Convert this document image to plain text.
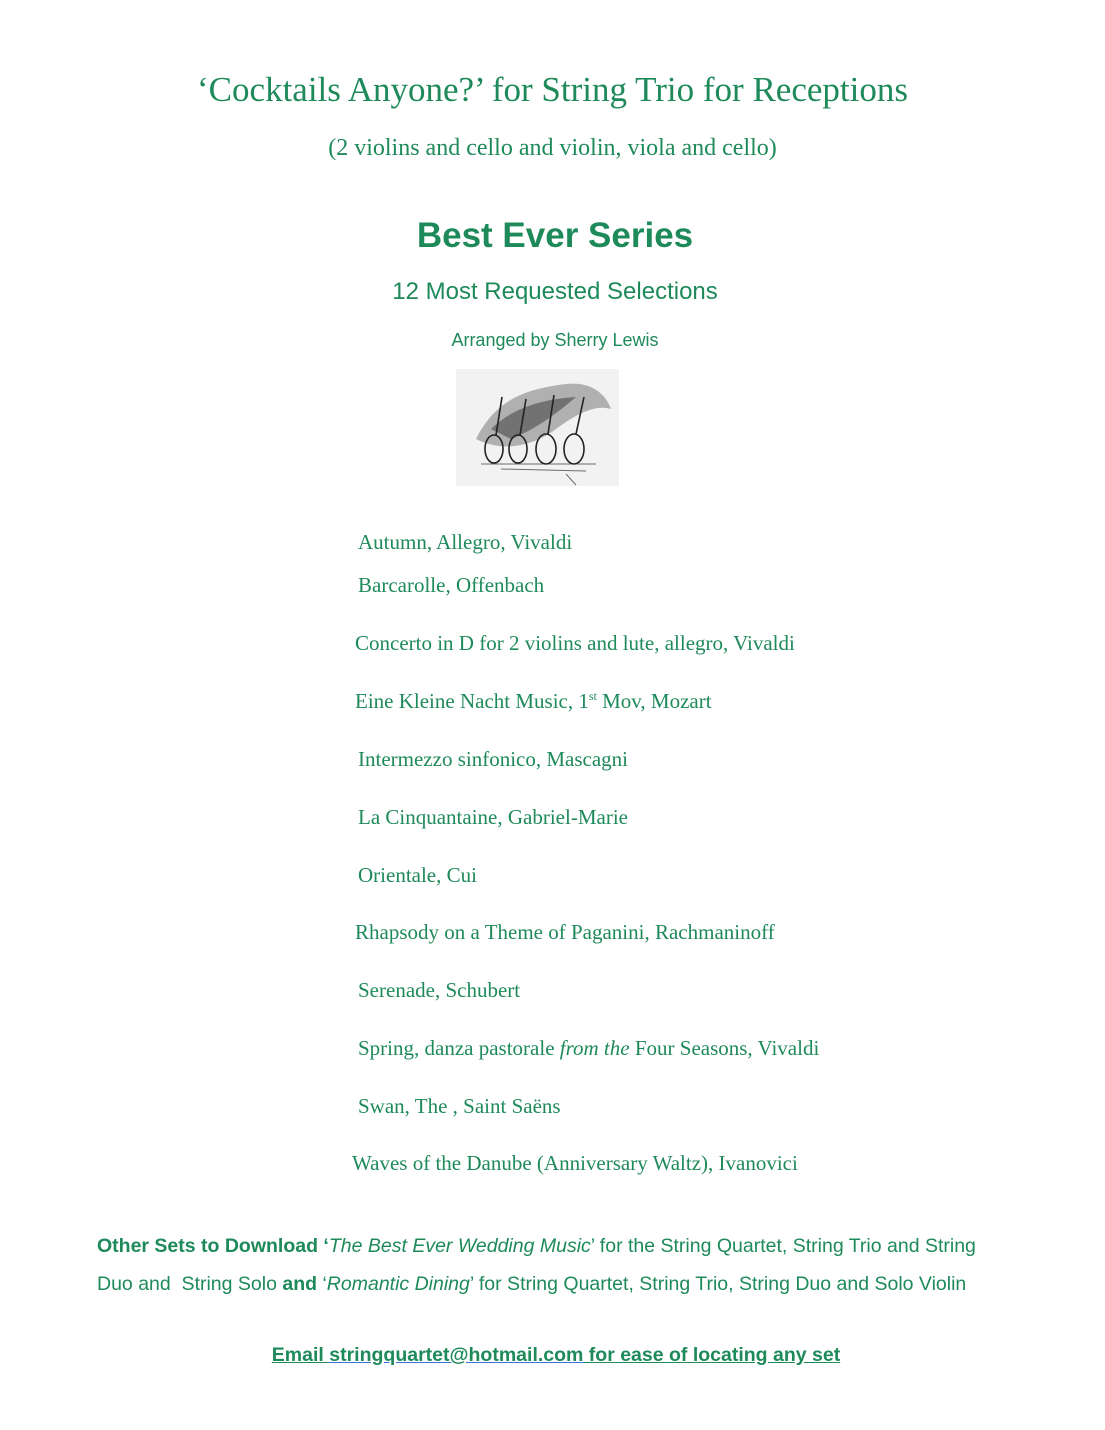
‘Cocktails Anyone?’ for String Trio for Receptions
(2 violins and cello and violin, viola and cello)
Best Ever Series
12 Most Requested Selections
Arranged by Sherry Lewis
Autumn, Allegro, Vivaldi
Barcarolle, Offenbach
Concerto in D for 2 violins and lute, allegro, Vivaldi
Eine Kleine Nacht Music, 1st Mov, Mozart
Intermezzo sinfonico, Mascagni
La Cinquantaine, Gabriel-Marie
Orientale, Cui
Rhapsody on a Theme of Paganini, Rachmaninoff
Serenade, Schubert
Spring, danza pastorale from the Four Seasons, Vivaldi
Swan, The , Saint Saëns
Waves of the Danube (Anniversary Waltz), Ivanovici
Other Sets to Download ‘The Best Ever Wedding Music’ for the String Quartet, String Trio and String     Duo and  String Solo and ‘Romantic Dining’ for String Quartet, String Trio, String Duo and Solo Violin
Email stringquartet@hotmail.com for ease of locating any set
